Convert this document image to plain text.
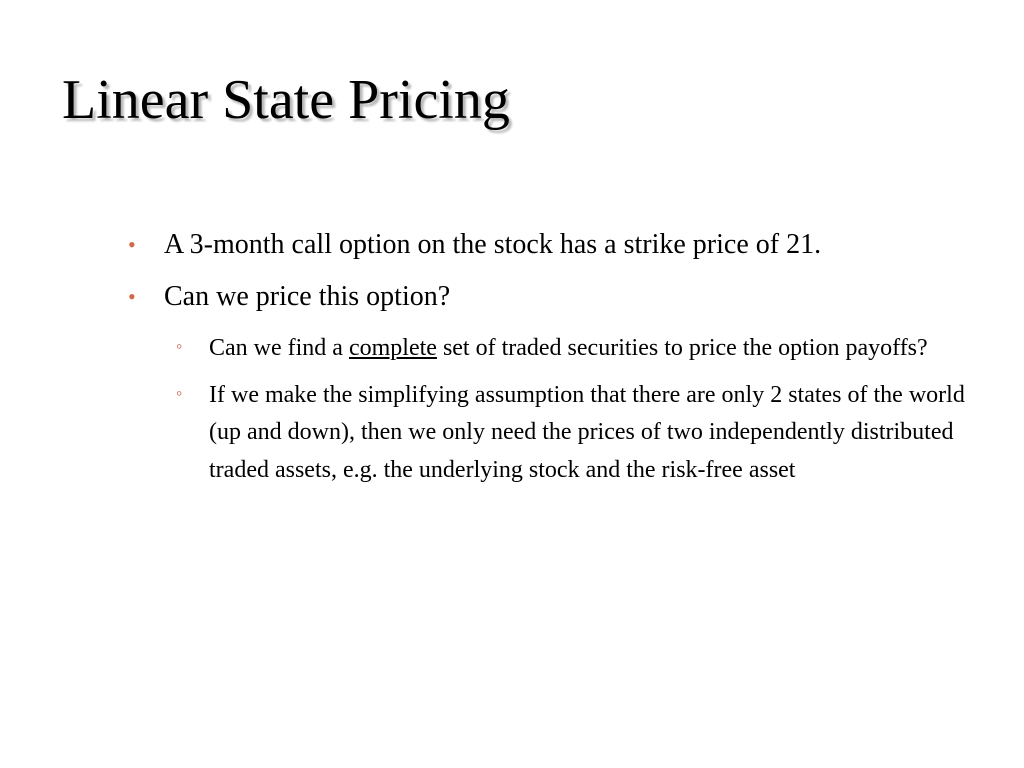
Linear State Pricing
•
A 3-month call option on the stock has a strike price of 21.
•
Can we price this option?
◦
Can we find a complete set of traded securities to price the option payoffs?
◦
If we make the simplifying assumption that there are only 2 states of the world (up and down), then we only need the prices of two independently distributed traded assets, e.g. the underlying stock and the risk-free asset
